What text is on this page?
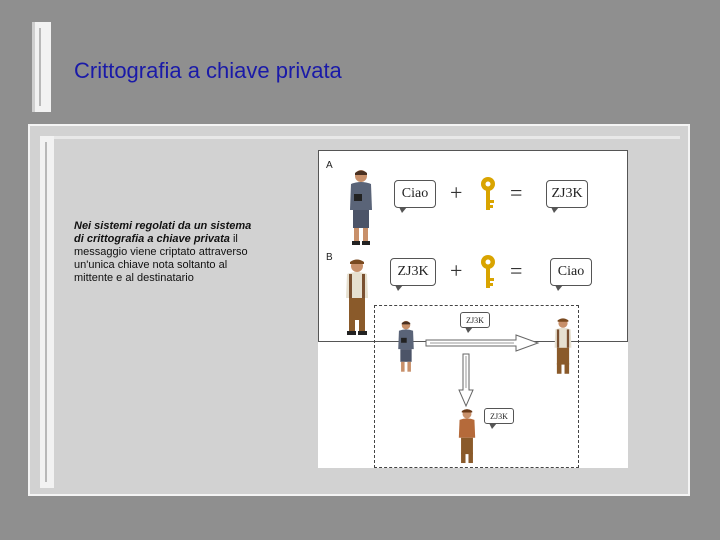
Crittografia a chiave privata
Nei sistemi regolati da un sistema di crittografia a chiave privata il messaggio viene criptato attraverso un'unica chiave nota soltanto al mittente e al destinatario
A
B
Ciao + =	ZJ3K
ZJ3K + =	Ciao
ZJ3K
ZJ3K
